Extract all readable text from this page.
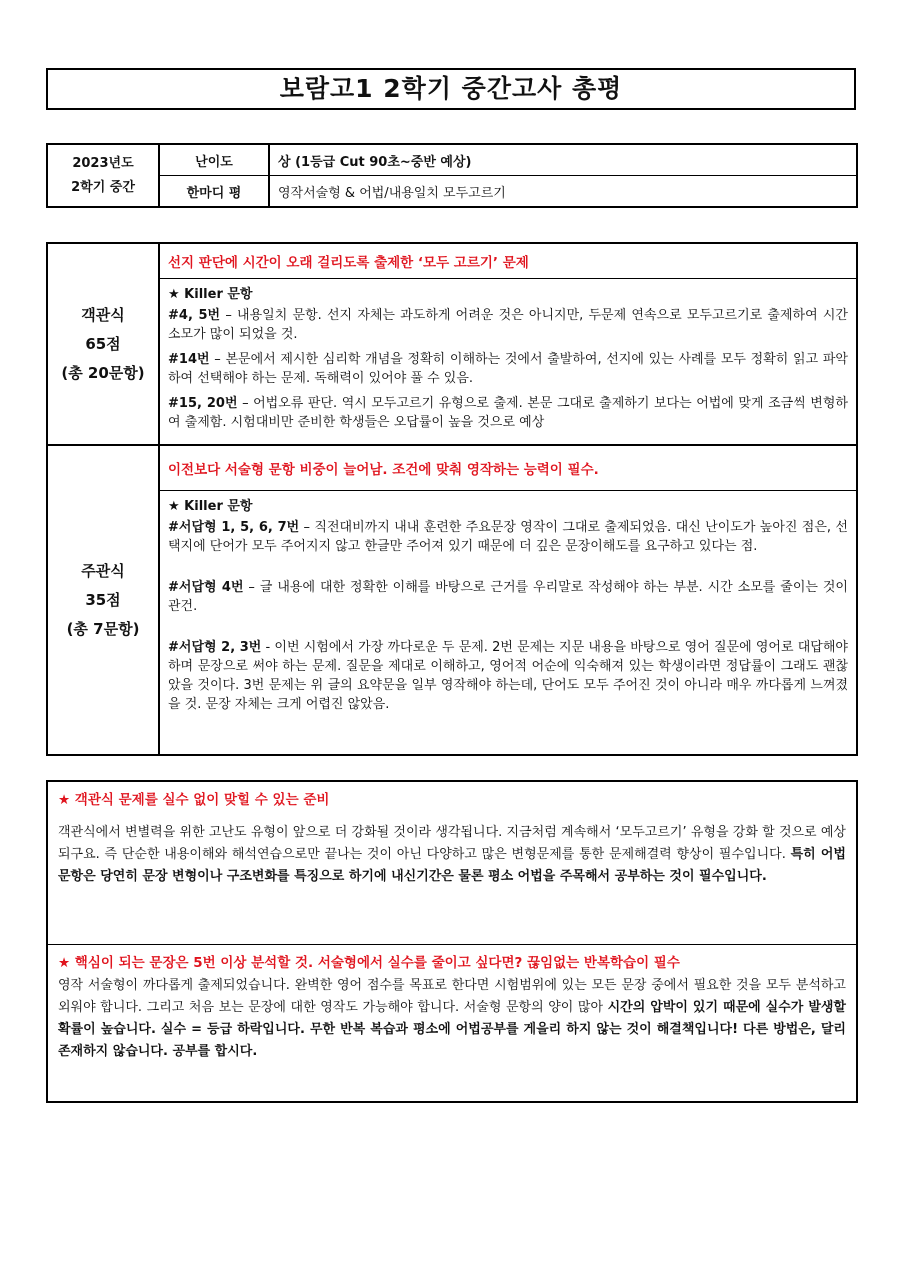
보람고1 2학기 중간고사 총평
2023년도
2학기 중간	난이도	상 (1등급 Cut 90초~중반 예상)
	한마디 평	영작서술형 & 어법/내용일치 모두고르기
객관식
65점
(총 20문항)	선지 판단에 시간이 오래 걸리도록 출제한 ‘모두 고르기’ 문제

	★ Killer 문항
#4, 5번 – 내용일치 문항. 선지 자체는 과도하게 어려운 것은 아니지만, 두문제 연속으로 모두고르기로 출제하여 시간 소모가 많이 되었을 것.
#14번 – 본문에서 제시한 심리학 개념을 정확히 이해하는 것에서 출발하여, 선지에 있는 사례를 모두 정확히 읽고 파악하여 선택해야 하는 문제. 독해력이 있어야 풀 수 있음.
#15, 20번 – 어법오류 판단. 역시 모두고르기 유형으로 출제. 본문 그대로 출제하기 보다는 어법에 맞게 조금씩 변형하여 출제함. 시험대비만 준비한 학생들은 오답률이 높을 것으로 예상

주관식
35점
(총 7문항)	이전보다 서술형 문항 비중이 늘어남. 조건에 맞춰 영작하는 능력이 필수.

	★ Killer 문항
#서답형 1, 5, 6, 7번 – 직전대비까지 내내 훈련한 주요문장 영작이 그대로 출제되었음. 대신 난이도가 높아진 점은, 선택지에 단어가 모두 주어지지 않고 한글만 주어져 있기 때문에 더 깊은 문장이해도를 요구하고 있다는 점.
#서답형 4번 – 글 내용에 대한 정확한 이해를 바탕으로 근거를 우리말로 작성해야 하는 부분. 시간 소모를 줄이는 것이 관건.
#서답형 2, 3번 - 이번 시험에서 가장 까다로운 두 문제. 2번 문제는 지문 내용을 바탕으로 영어 질문에 영어로 대답해야 하며 문장으로 써야 하는 문제. 질문을 제대로 이해하고, 영어적 어순에 익숙해져 있는 학생이라면 정답률이 그래도 괜찮았을 것이다. 3번 문제는 위 글의 요약문을 일부 영작해야 하는데, 단어도 모두 주어진 것이 아니라 매우 까다롭게 느껴졌을 것. 문장 자체는 크게 어렵진 않았음.
★ 객관식 문제를 실수 없이 맞힐 수 있는 준비
객관식에서 변별력을 위한 고난도 유형이 앞으로 더 강화될 것이라 생각됩니다. 지금처럼 계속해서 ‘모두고르기’ 유형을 강화 할 것으로 예상되구요. 즉 단순한 내용이해와 해석연습으로만 끝나는 것이 아닌 다양하고 많은 변형문제를 통한 문제해결력 향상이 필수입니다. 특히 어법 문항은 당연히 문장 변형이나 구조변화를 특징으로 하기에 내신기간은 물론 평소 어법을 주목해서 공부하는 것이 필수입니다.

★ 핵심이 되는 문장은 5번 이상 분석할 것. 서술형에서 실수를 줄이고 싶다면? 끊임없는 반복학습이 필수
영작 서술형이 까다롭게 출제되었습니다. 완벽한 영어 점수를 목표로 한다면 시험범위에 있는 모든 문장 중에서 필요한 것을 모두 분석하고 외워야 합니다. 그리고 처음 보는 문장에 대한 영작도 가능해야 합니다. 서술형 문항의 양이 많아 시간의 압박이 있기 때문에 실수가 발생할 확률이 높습니다. 실수 = 등급 하락입니다. 무한 반복 복습과 평소에 어법공부를 게을리 하지 않는 것이 해결책입니다! 다른 방법은, 달리 존재하지 않습니다. 공부를 합시다.
